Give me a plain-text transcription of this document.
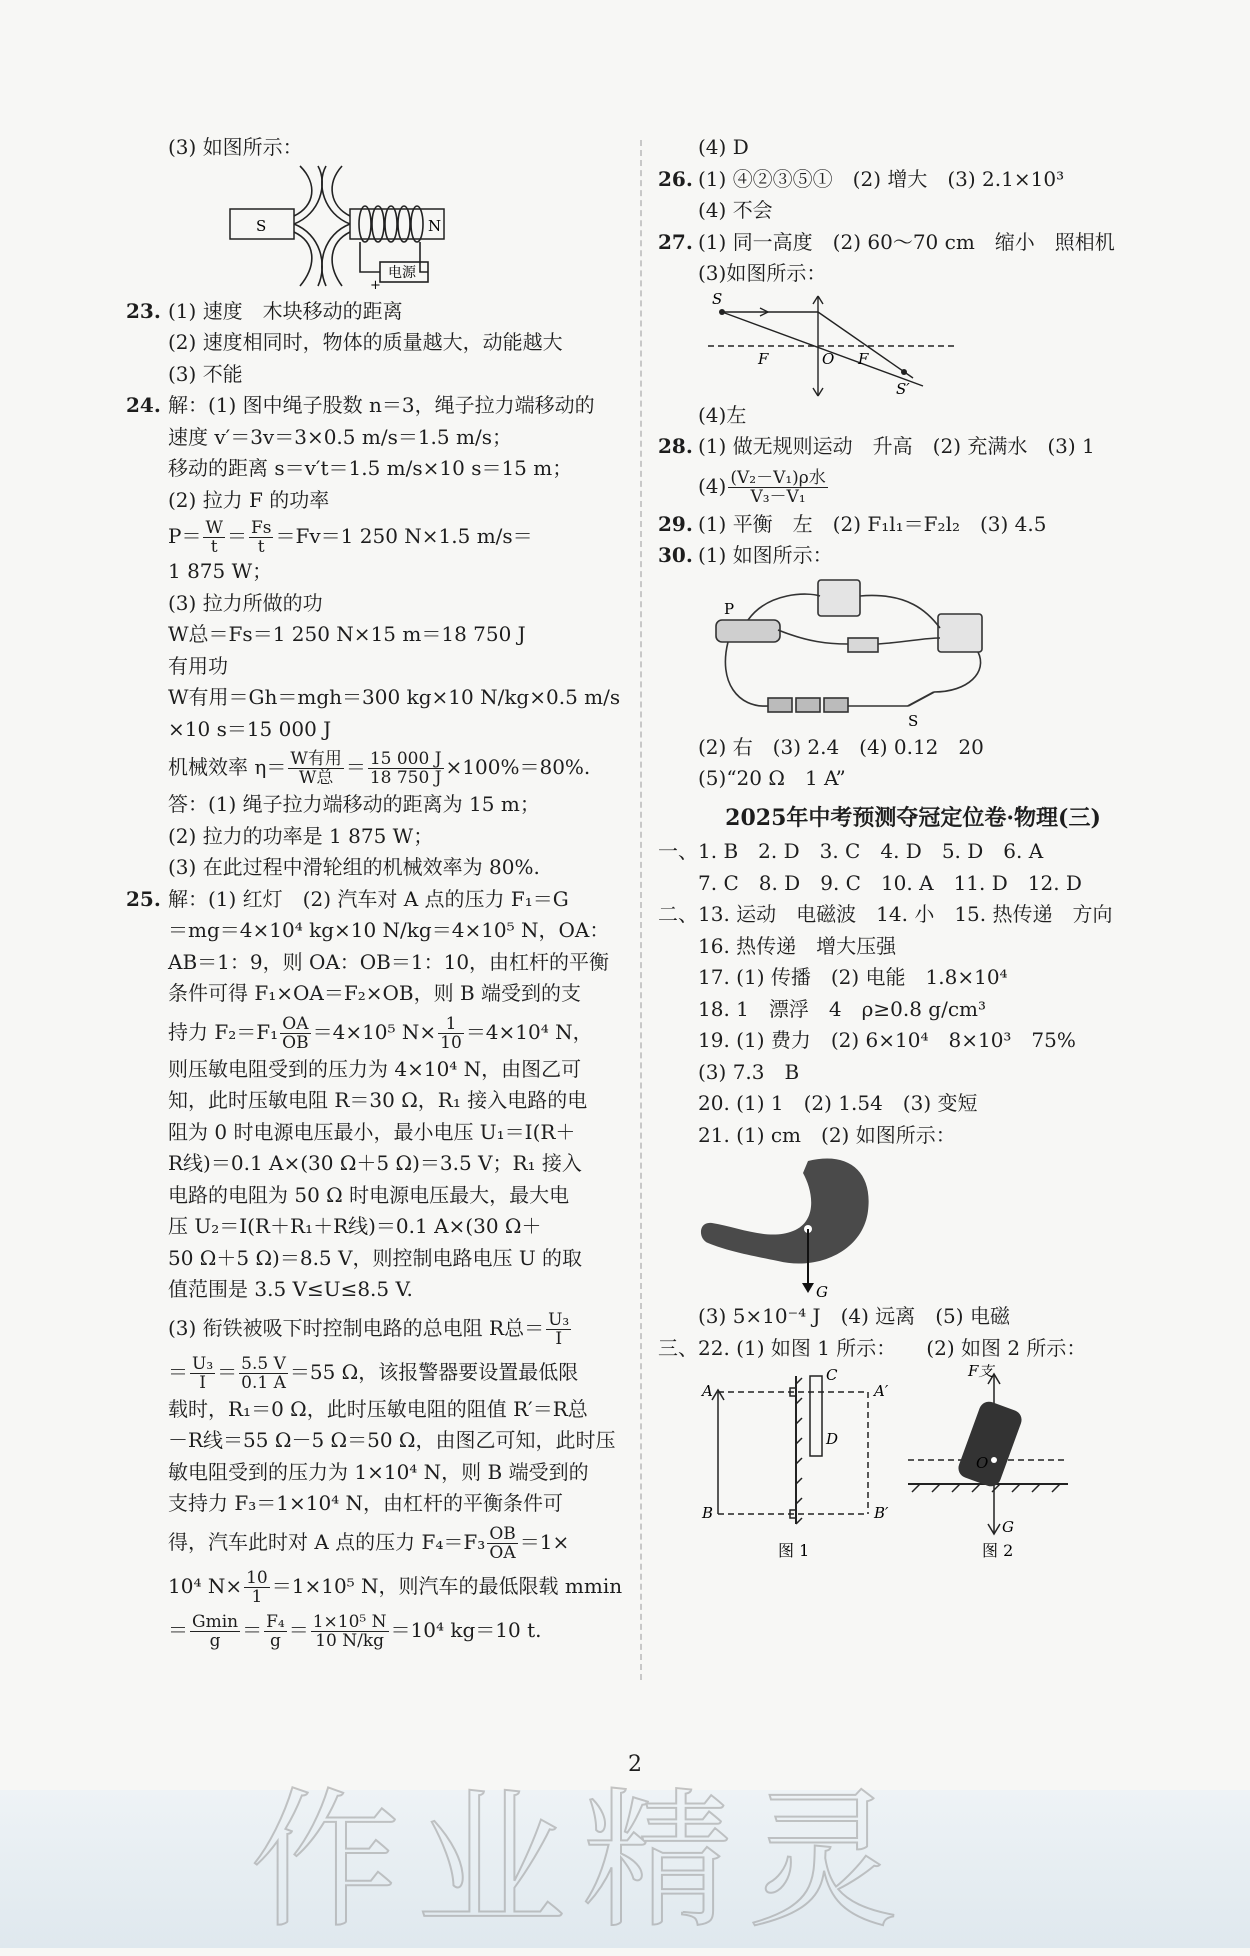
(3) 如图所示：
S	N
+
电源
23. (1) 速度　木块移动的距离
(2) 速度相同时，物体的质量越大，动能越大
(3) 不能
24. 解：(1) 图中绳子股数 n＝3，绳子拉力端移动的
速度 v′＝3v＝3×0.5 m/s＝1.5 m/s；
移动的距离 s＝v′t＝1.5 m/s×10 s＝15 m；
(2) 拉力 F 的功率
$P= \frac{W}{t} = \frac{Fs}{t} =Fv=1$ 250 N×1.5 m/s＝
1 875 W；
(3) 拉力所做的功
W总＝Fs＝1 250 N×15 m＝18 750 J
有用功
W有用＝Gh＝mgh＝300 kg×10 N/kg×0.5 m/s
×10 s＝15 000 J
机械效率 $\eta= \frac{\text{W有用}}{\text{W总}} = \frac{15 000 J}{18 750 J} \times 100\%=80\%$.
答：(1) 绳子拉力端移动的距离为 15 m；
(2) 拉力的功率是 1 875 W；
(3) 在此过程中滑轮组的机械效率为 80%.
25. 解：(1) 红灯　(2) 汽车对 A 点的压力 F₁＝G
＝mg＝4×10⁴ kg×10 N/kg＝4×10⁵ N，OA：
AB＝1：9，则 OA：OB＝1：10，由杠杆的平衡
条件可得 F₁×OA＝F₂×OB，则 B 端受到的支
持力 $F_2=F_1 \frac{OA}{OB} =4\times 10^5$ $N\times \frac{1}{10} =4\times 10^4$ N，
则压敏电阻受到的压力为 4×10⁴ N，由图乙可
知，此时压敏电阻 R＝30 Ω，R₁ 接入电路的电
阻为 0 时电源电压最小，最小电压 U₁＝I(R＋
R线)＝0.1 A×(30 Ω＋5 Ω)＝3.5 V；R₁ 接入
电路的电阻为 50 Ω 时电源电压最大，最大电
压 U₂＝I(R＋R₁＋R线)＝0.1 A×(30 Ω＋
50 Ω＋5 Ω)＝8.5 V，则控制电路电压 U 的取
值范围是 3.5 V≤U≤8.5 V.
(3) 衔铁被吸下时控制电路的总电阻 R总＝ $\frac{\text{U₃}}{I}$
＝ $\frac{\text{U₃}}{I} = \frac{5.5 V}{0.1 A} =55$ Ω，该报警器要设置最低限
载时，R₁＝0 Ω，此时压敏电阻的阻值 R′＝R总
－R线＝55 Ω－5 Ω＝50 Ω，由图乙可知，此时压
敏电阻受到的压力为 1×10⁴ N，则 B 端受到的
支持力 F₃＝1×10⁴ N，由杠杆的平衡条件可
得，汽车此时对 A 点的压力 $F_4=F_3 \frac{OB}{OA} =1\times$
10⁴ $N\times \frac{10}{1} =1\times 10^5$ N，则汽车的最低限载 mmin
＝ $\frac{Gmin}{g} = \frac{\text{F₄}}{g} = \frac{\text{1×10⁵ N}}{10 N/kg} =10^4$ kg＝10 t.
(4) D
26. (1) ④②③⑤①　(2) 增大　(3) 2.1×10³
(4) 不会
27. (1) 同一高度　(2) 60～70 cm　缩小　照相机
(3)如图所示：
S
F	O F
S′
(4)左
28. (1) 做无规则运动　升高　(2) 充满水　(3) 1
$(4) \frac{\text{(V₂－V₁)ρ水}}{\text{V₃－V₁}}$
29. (1) 平衡　左　(2) F₁l₁＝F₂l₂　(3) 4.5
30. (1) 如图所示：
P
S
(2) 右　(3) 2.4　(4) 0.12　20
(5)“20 Ω　1 A”
2025年中考预测夺冠定位卷·物理(三)
一、1. B　2. D　3. C　4. D　5. D　6. A
7. C　8. D　9. C　10. A　11. D　12. D
二、13. 运动　电磁波　14. 小　15. 热传递　方向
16. 热传递　增大压强
17. (1) 传播　(2) 电能　1.8×10⁴
18. 1　漂浮　4　ρ≥0.8 g/cm³
19. (1) 费力　(2) 6×10⁴　8×10³　75%
(3) 7.3　B
20. (1) 1　(2) 1.54　(3) 变短
21. (1) cm　(2) 如图所示：
G
(3) 5×10⁻⁴ J　(4) 远离　(5) 电磁
三、22. (1) 如图 1 所示：　　(2) 如图 2 所示：
A	A′
B	B′
C
D
图 1
F支
O
G
图 2
2
作业精灵
